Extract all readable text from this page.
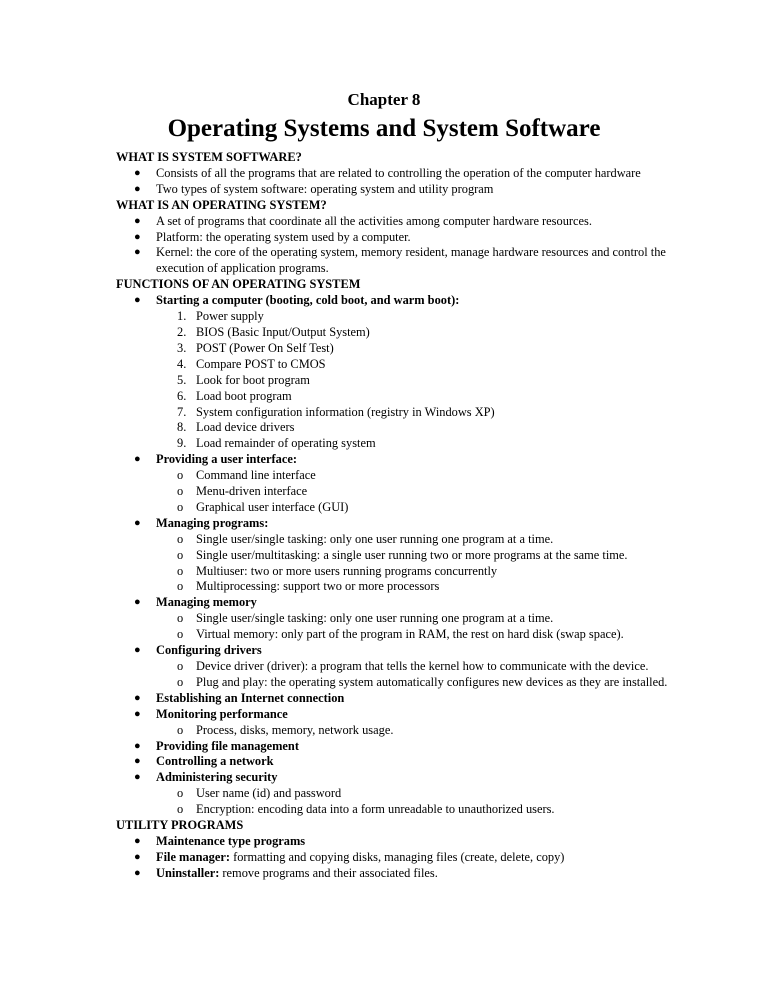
Chapter 8
Operating Systems and System Software
WHAT IS SYSTEM SOFTWARE?
● Consists of all the programs that are related to controlling the operation of the computer hardware
● Two types of system software: operating system and utility program
WHAT IS AN OPERATING SYSTEM?
● A set of programs that coordinate all the activities among computer hardware resources.
● Platform: the operating system used by a computer.
● Kernel: the core of the operating system, memory resident, manage hardware resources and control the execution of application programs.
FUNCTIONS OF AN OPERATING SYSTEM
● Starting a computer (booting, cold boot, and warm boot):
1. Power supply
2. BIOS (Basic Input/Output System)
3. POST (Power On Self Test)
4. Compare POST to CMOS
5. Look for boot program
6. Load boot program
7. System configuration information (registry in Windows XP)
8. Load device drivers
9. Load remainder of operating system
● Providing a user interface:
o Command line interface
o Menu-driven interface
o Graphical user interface (GUI)
● Managing programs:
o Single user/single tasking: only one user running one program at a time.
o Single user/multitasking: a single user running two or more programs at the same time.
o Multiuser: two or more users running programs concurrently
o Multiprocessing: support two or more processors
● Managing memory
o Single user/single tasking: only one user running one program at a time.
o Virtual memory: only part of the program in RAM, the rest on hard disk (swap space).
● Configuring drivers
o Device driver (driver): a program that tells the kernel how to communicate with the device.
o Plug and play: the operating system automatically configures new devices as they are installed.
● Establishing an Internet connection
● Monitoring performance
o Process, disks, memory, network usage.
● Providing file management
● Controlling a network
● Administering security
o User name (id) and password
o Encryption: encoding data into a form unreadable to unauthorized users.
UTILITY PROGRAMS
● Maintenance type programs
● File manager: formatting and copying disks, managing files (create, delete, copy)
● Uninstaller: remove programs and their associated files.
